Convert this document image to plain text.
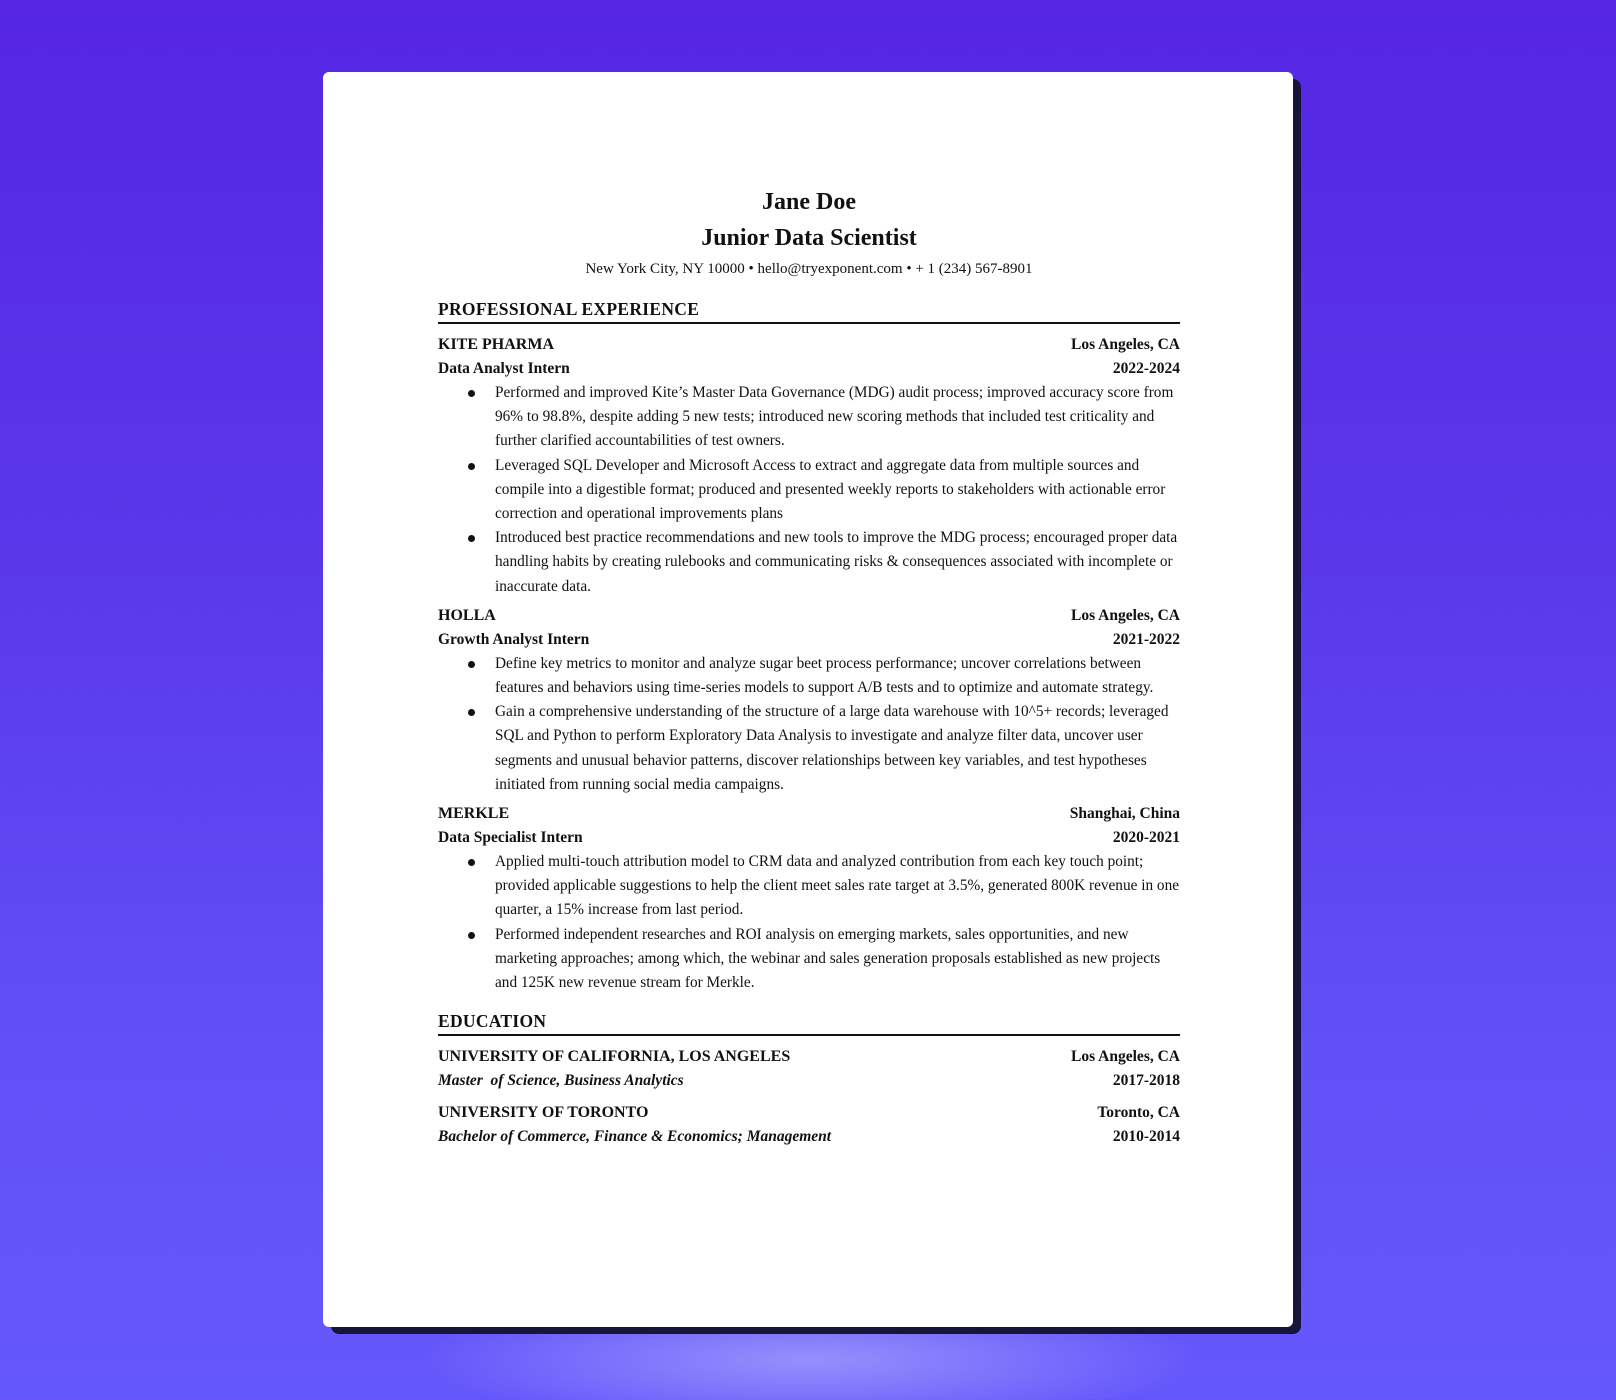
Jane Doe
Junior Data Scientist
New York City, NY 10000 • hello@tryexponent.com • + 1 (234) 567-8901
PROFESSIONAL EXPERIENCE
KITE PHARMA	Los Angeles, CA
Data Analyst Intern	2022-2024
Performed and improved Kite’s Master Data Governance (MDG) audit process; improved accuracy score from 96% to 98.8%, despite adding 5 new tests; introduced new scoring methods that included test criticality and further clarified accountabilities of test owners.
Leveraged SQL Developer and Microsoft Access to extract and aggregate data from multiple sources and compile into a digestible format; produced and presented weekly reports to stakeholders with actionable error correction and operational improvements plans
Introduced best practice recommendations and new tools to improve the MDG process; encouraged proper data handling habits by creating rulebooks and communicating risks & consequences associated with incomplete or inaccurate data.
HOLLA	Los Angeles, CA
Growth Analyst Intern	2021-2022
Define key metrics to monitor and analyze sugar beet process performance; uncover correlations between features and behaviors using time-series models to support A/B tests and to optimize and automate strategy.
Gain a comprehensive understanding of the structure of a large data warehouse with 10^5+ records; leveraged SQL and Python to perform Exploratory Data Analysis to investigate and analyze filter data, uncover user segments and unusual behavior patterns, discover relationships between key variables, and test hypotheses initiated from running social media campaigns.
MERKLE	Shanghai, China
Data Specialist Intern	2020-2021
Applied multi-touch attribution model to CRM data and analyzed contribution from each key touch point; provided applicable suggestions to help the client meet sales rate target at 3.5%, generated 800K revenue in one quarter, a 15% increase from last period.
Performed independent researches and ROI analysis on emerging markets, sales opportunities, and new marketing approaches; among which, the webinar and sales generation proposals established as new projects and 125K new revenue stream for Merkle.
EDUCATION
UNIVERSITY OF CALIFORNIA, LOS ANGELES	Los Angeles, CA
Master  of Science, Business Analytics	2017-2018
UNIVERSITY OF TORONTO	Toronto, CA
Bachelor of Commerce, Finance & Economics; Management	2010-2014
